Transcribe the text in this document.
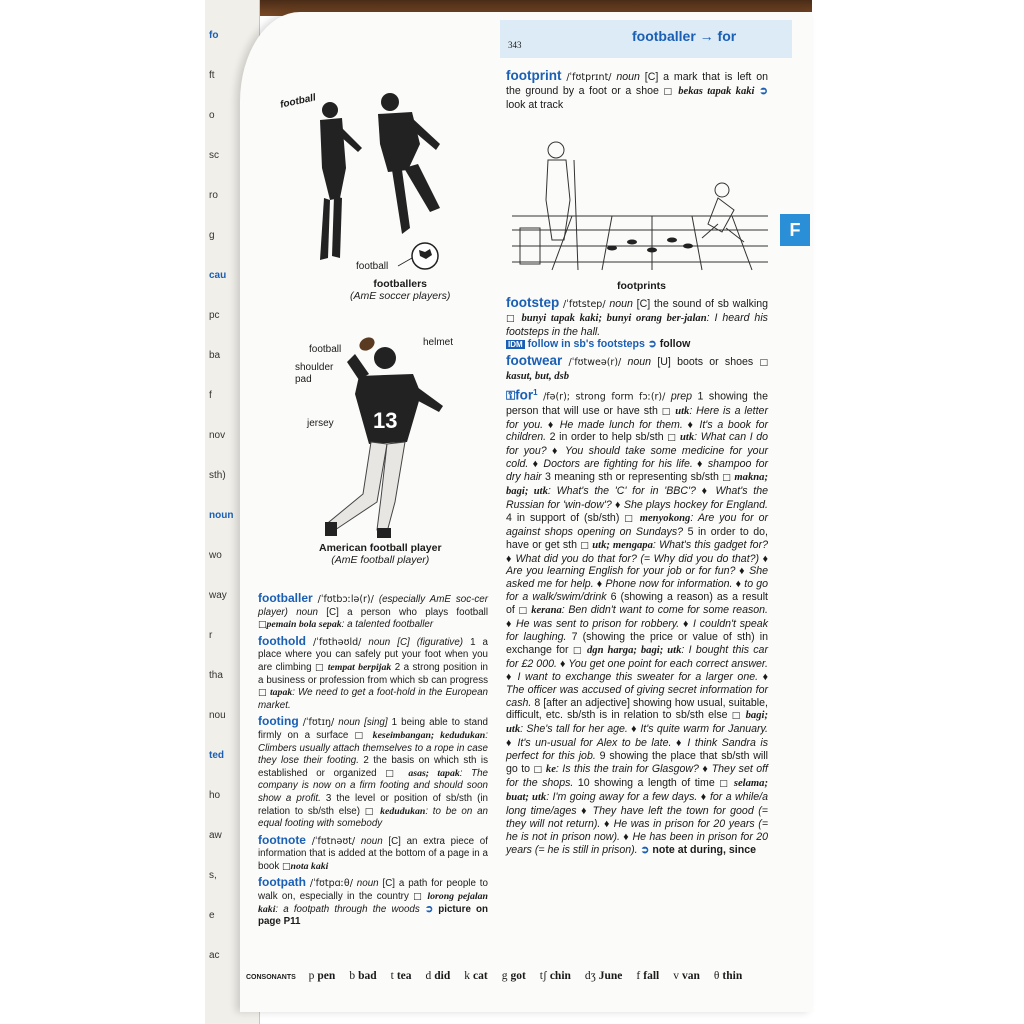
fo
ft
o
sc
ro
g
cau
pc
ba
f
nov
sth)
noun
wo
way
r
tha
nou
ted
ho
aw
s,
e
ac
343
footballer → for
F
football
football
footballers
(AmE soccer players)
13
football
helmet
shoulder
pad
jersey
American football player
(AmE football player)
footprints

footballer /ˈfʊtbɔːlə(r)/ (especially AmE soc-cer player) noun [C] a person who plays football □pemain bola sepak: a talented footballer

foothold /ˈfʊthəʊld/ noun [C] (figurative) 1 a place where you can safely put your foot when you are climbing □ tempat berpijak 2 a strong position in a business or profession from which sb can progress □ tapak: We need to get a foot-hold in the European market.

footing /ˈfʊtɪŋ/ noun [sing] 1 being able to stand firmly on a surface □ keseimbangan; kedudukan: Climbers usually attach themselves to a rope in case they lose their footing. 2 the basis on which sth is established or organized □ asas; tapak: The company is now on a firm footing and should soon show a profit. 3 the level or position of sb/sth (in relation to sb/sth else) □ kedudukan: to be on an equal footing with somebody

footnote /ˈfʊtnəʊt/ noun [C] an extra piece of information that is added at the bottom of a page in a book □nota kaki

footpath /ˈfʊtpɑːθ/ noun [C] a path for people to walk on, especially in the country □ lorong pejalan kaki: a footpath through the woods ➲ picture on page P11

footprint /ˈfʊtprɪnt/ noun [C] a mark that is left on the ground by a foot or a shoe □ bekas tapak kaki ➲ look at track

footstep /ˈfʊtstep/ noun [C] the sound of sb walking □ bunyi tapak kaki; bunyi orang ber-jalan: I heard his footsteps in the hall.
IDM follow in sb's footsteps ➲ follow

footwear /ˈfʊtweə(r)/ noun [U] boots or shoes □ kasut, but, dsb

⚿for$^1$ /fə(r); strong form fɔː(r)/ prep 1 showing the person that will use or have sth □ utk: Here is a letter for you. ♦ He made lunch for them. ♦ It's a book for children. 2 in order to help sb/sth □ utk: What can I do for you? ♦ You should take some medicine for your cold. ♦ Doctors are fighting for his life. ♦ shampoo for dry hair 3 meaning sth or representing sb/sth □ makna; bagi; utk: What's the 'C' for in 'BBC'? ♦ What's the Russian for 'win-dow'? ♦ She plays hockey for England. 4 in support of (sb/sth) □ menyokong: Are you for or against shops opening on Sundays? 5 in order to do, have or get sth □ utk; mengapa: What's this gadget for? ♦ What did you do that for? (= Why did you do that?) ♦ Are you learning English for your job or for fun? ♦ She asked me for help. ♦ Phone now for information. ♦ to go for a walk/swim/drink 6 (showing a reason) as a result of □ kerana: Ben didn't want to come for some reason. ♦ He was sent to prison for robbery. ♦ I couldn't speak for laughing. 7 (showing the price or value of sth) in exchange for □ dgn harga; bagi; utk: I bought this car for £2 000. ♦ You get one point for each correct answer. ♦ I want to exchange this sweater for a larger one. ♦ The officer was accused of giving secret information for cash. 8 [after an adjective] showing how usual, suitable, difficult, etc. sb/sth is in relation to sb/sth else □ bagi; utk: She's tall for her age. ♦ It's quite warm for January. ♦ It's un-usual for Alex to be late. ♦ I think Sandra is perfect for this job. 9 showing the place that sb/sth will go to □ ke: Is this the train for Glasgow? ♦ They set off for the shops. 10 showing a length of time □ selama; buat; utk: I'm going away for a few days. ♦ for a while/a long time/ages ♦ They have left the town for good (= they will not return). ♦ He was in prison for 20 years (= he is not in prison now). ♦ He has been in prison for 20 years (= he is still in prison). ➲ note at during, since

CONSONANTS p pen b bad t tea d did k cat g got tʃ chin dʒ June f fall v van θ thin
